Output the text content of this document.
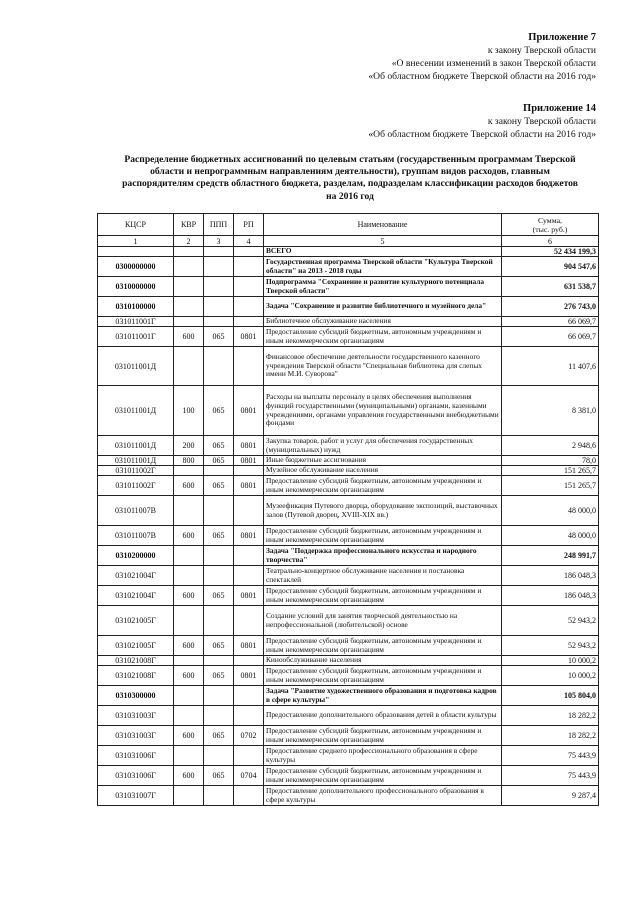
Приложение 7
к закону Тверской области
«О внесении изменений в закон Тверской области
«Об областном бюджете Тверской области на 2016 год»
Приложение 14
к закону Тверской области
«Об областном бюджете Тверской области на 2016 год»
Распределение бюджетных ассигнований по целевым статьям (государственным программам Тверской
области и непрограммным направлениям деятельности), группам видов расходов, главным
распорядителям средств областного бюджета, разделам, подразделам классификации расходов бюджетов
на 2016 год
КЦСР	КВР	ППП	РП	Наименование	Сумма,
(тыс. руб.)

1	2	3	4	5	6
				ВСЕГО	52 434 199,3
0300000000				Государственная программа Тверской области "Культура Тверской области" на 2013 - 2018 годы	904 547,6
0310000000				Подпрограмма "Сохранение и развитие культурного потенциала Тверской области"	631 538,7
0310100000				Задача "Сохранение и развитие библиотечного и музейного дела"	276 743,0
031011001Г				Библиотечное обслуживание населения	66 069,7
031011001Г	600	065	0801	Предоставление субсидий бюджетным, автономным учреждениям и иным некоммерческим организациям	66 069,7
031011001Д				Финансовое обеспечение деятельности государственного казенного учреждения Тверской области "Специальная библиотека для слепых имени М.И. Суворова"	11 407,6
031011001Д	100	065	0801	Расходы на выплаты персоналу в целях обеспечения выполнения функций государственными (муниципальными) органами, казенными учреждениями, органами управления государственными внебюджетными фондами	8 381,0
031011001Д	200	065	0801	Закупка товаров, работ и услуг для обеспечения государственных (муниципальных) нужд	2 948,6
031011001Д	800	065	0801	Иные бюджетные ассигнования	78,0
031011002Г				Музейное обслуживание населения	151 265,7
031011002Г	600	065	0801	Предоставление субсидий бюджетным, автономным учреждениям и иным некоммерческим организациям	151 265,7
031011007В				Музеефикация Путевого дворца, оборудование экспозиций, выставочных залов (Путевой дворец, XVIII-XIX вв.)	48 000,0
031011007В	600	065	0801	Предоставление субсидий бюджетным, автономным учреждениям и иным некоммерческим организациям	48 000,0
0310200000				Задача "Поддержка профессионального искусства и народного творчества"	248 991,7
031021004Г				Театрально-концертное обслуживание населения и постановка спектаклей	186 048,3
031021004Г	600	065	0801	Предоставление субсидий бюджетным, автономным учреждениям и иным некоммерческим организациям	186 048,3
031021005Г				Создание условий для занятия творческой деятельностью на непрофессиональной (любительской) основе	52 943,2
031021005Г	600	065	0801	Предоставление субсидий бюджетным, автономным учреждениям и иным некоммерческим организациям	52 943,2
031021008Г				Кинообслуживание населения	10 000,2
031021008Г	600	065	0801	Предоставление субсидий бюджетным, автономным учреждениям и иным некоммерческим организациям	10 000,2
0310300000				Задача "Развитие художественного образования и подготовка кадров в сфере культуры"	105 804,0
031031003Г				Предоставление дополнительного образования детей в области культуры	18 282,2
031031003Г	600	065	0702	Предоставление субсидий бюджетным, автономным учреждениям и иным некоммерческим организациям	18 282,2
031031006Г				Предоставление среднего профессионального образования в сфере культуры	75 443,9
031031006Г	600	065	0704	Предоставление субсидий бюджетным, автономным учреждениям и иным некоммерческим организациям	75 443,9
031031007Г				Предоставление дополнительного профессионального образования в сфере культуры	9 287,4
